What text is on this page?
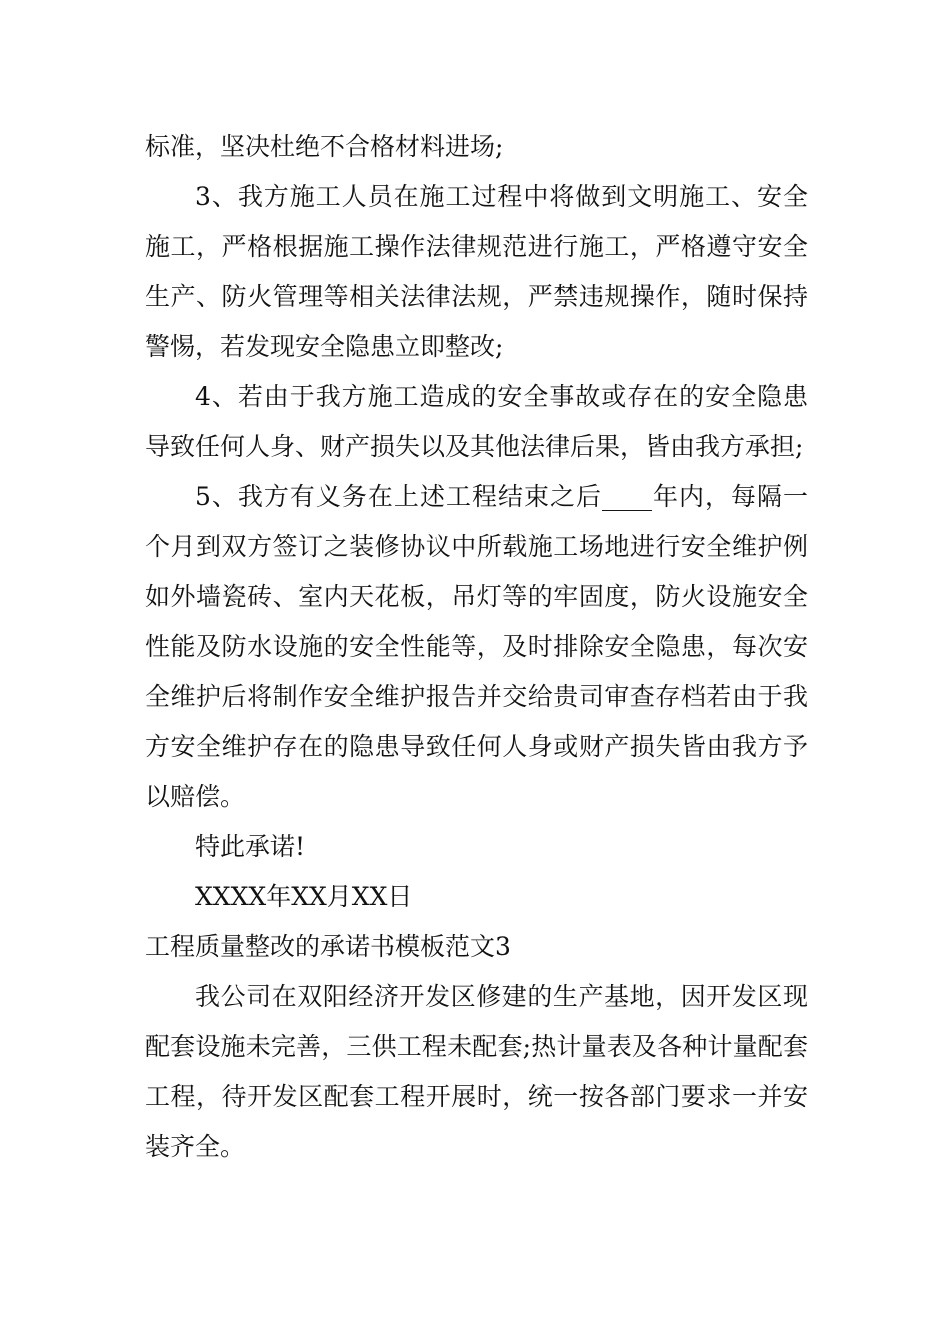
标准，坚决杜绝不合格材料进场;

3、我方施工人员在施工过程中将做到文明施工、安全施工，严格根据施工操作法律规范进行施工，严格遵守安全生产、防火管理等相关法律法规，严禁违规操作，随时保持警惕，若发现安全隐患立即整改;

4、若由于我方施工造成的安全事故或存在的安全隐患导致任何人身、财产损失以及其他法律后果，皆由我方承担;

5、我方有义务在上述工程结束之后____年内，每隔一个月到双方签订之装修协议中所载施工场地进行安全维护例如外墙瓷砖、室内天花板，吊灯等的牢固度，防火设施安全性能及防水设施的安全性能等，及时排除安全隐患，每次安全维护后将制作安全维护报告并交给贵司审查存档若由于我方安全维护存在的隐患导致任何人身或财产损失皆由我方予以赔偿。

特此承诺!

XXXX年XX月XX日

工程质量整改的承诺书模板范文3

我公司在双阳经济开发区修建的生产基地，因开发区现配套设施未完善，三供工程未配套;热计量表及各种计量配套工程，待开发区配套工程开展时，统一按各部门要求一并安装齐全。
